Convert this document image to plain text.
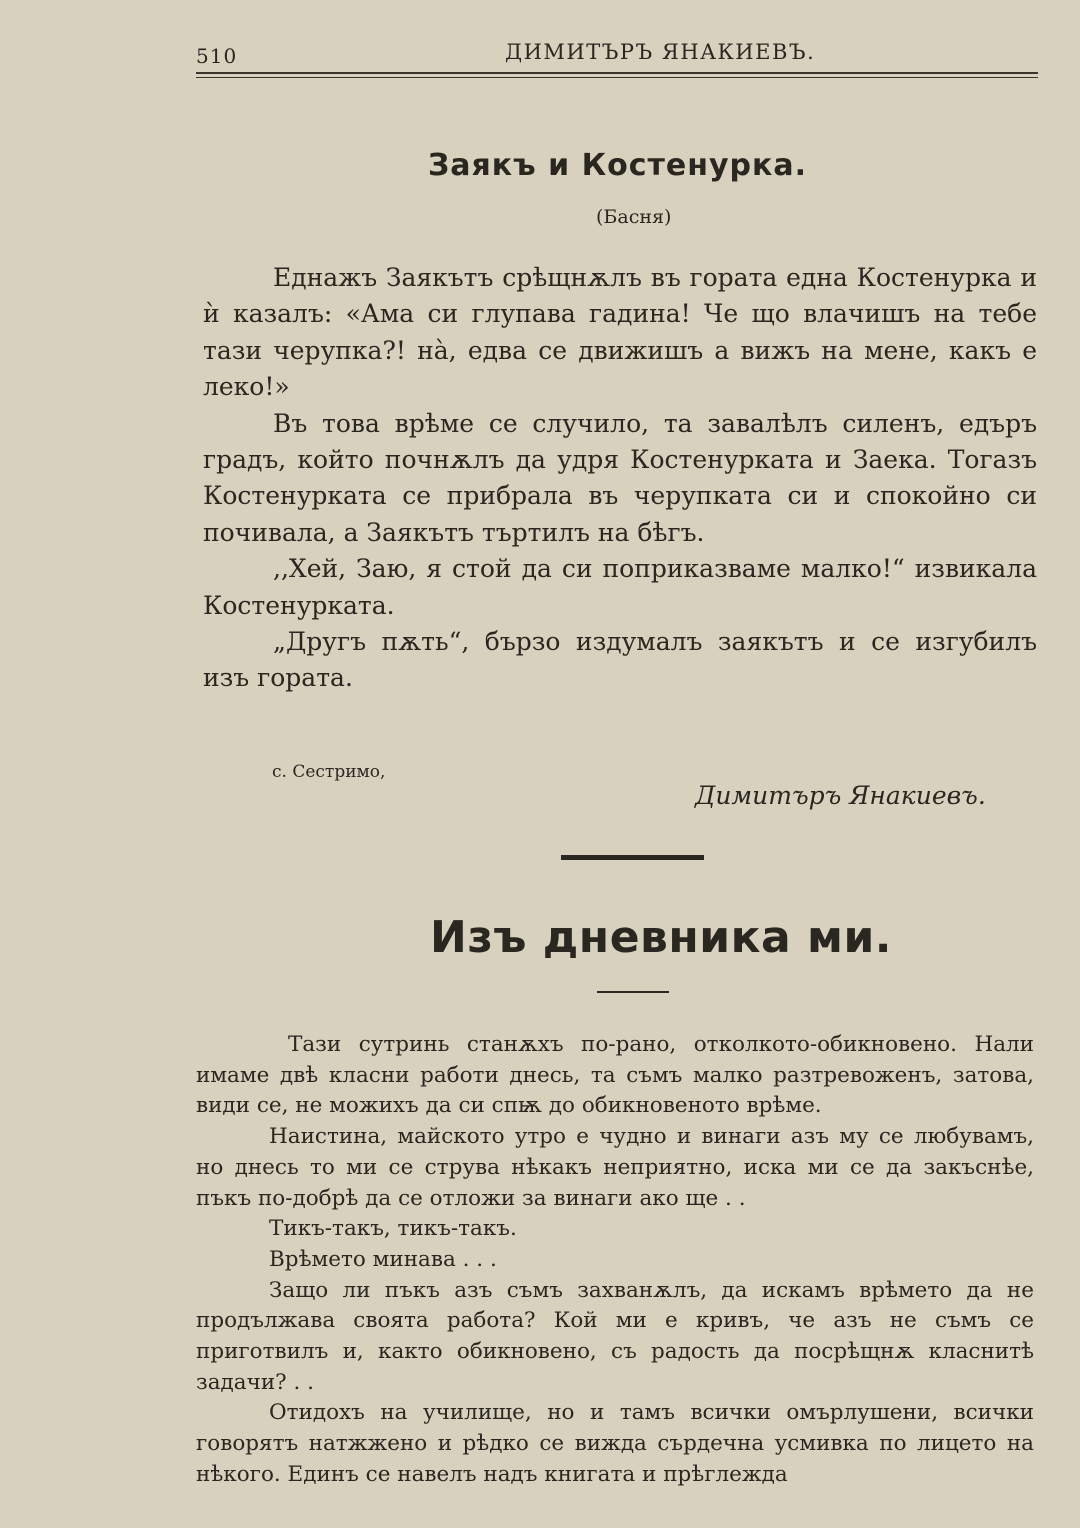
510	ДИМИТЪРЪ ЯНАКИЕВЪ.
Заякъ и Костенурка.
(Басня)

Еднажъ Заякътъ срѣщнѫлъ въ гората една Костенурка и ѝ казалъ: «Ама си глупава гадина! Че що влачишъ на тебе тази черупка?! нà, едва се движишъ а вижъ на мене, какъ е леко!»

Въ това врѣме се случило, та завалѣлъ силенъ, едъръ градъ, който почнѫлъ да удря Костенурката и Заека. Тогазъ Костенурката се прибрала въ черупката си и спокойно си почивала, а Заякътъ търтилъ на бѣгъ.

,,Хей, Заю, я стой да си поприказваме малко!“ извикала Костенурката.

„Другъ пѫть“, бързо издумалъ заякътъ и се изгубилъ изъ гората.

с. Сестримо,
Димитъръ Янакиевъ.
Изъ дневника ми.

Тази сутринь станѫхъ по-рано, отколкото-обикновено. Нали имаме двѣ класни работи днесь, та съмъ малко разтревоженъ, затова, види се, не можихъ да си спѭ до обикновеното врѣме.

Наистина, майското утро е чудно и винаги азъ му се любувамъ, но днесь то ми се струва нѣкакъ неприятно, иска ми се да закъснѣе, пъкъ по-добрѣ да се отложи за винаги ако ще . .

Тикъ-такъ, тикъ-такъ.

Врѣмето минава . . .

Защо ли пъкъ азъ съмъ захванѫлъ, да искамъ врѣмето да не продължава своята работа? Кой ми е кривъ, че азъ не съмъ се приготвилъ и, както обикновено, съ радость да посрѣщнѫ класнитѣ задачи? . .

Отидохъ на училище, но и тамъ всички омърлушени, всички говорятъ натжжено и рѣдко се вижда сърдечна усмивка по лицето на нѣкого. Единъ се навелъ надъ книгата и прѣглежда
